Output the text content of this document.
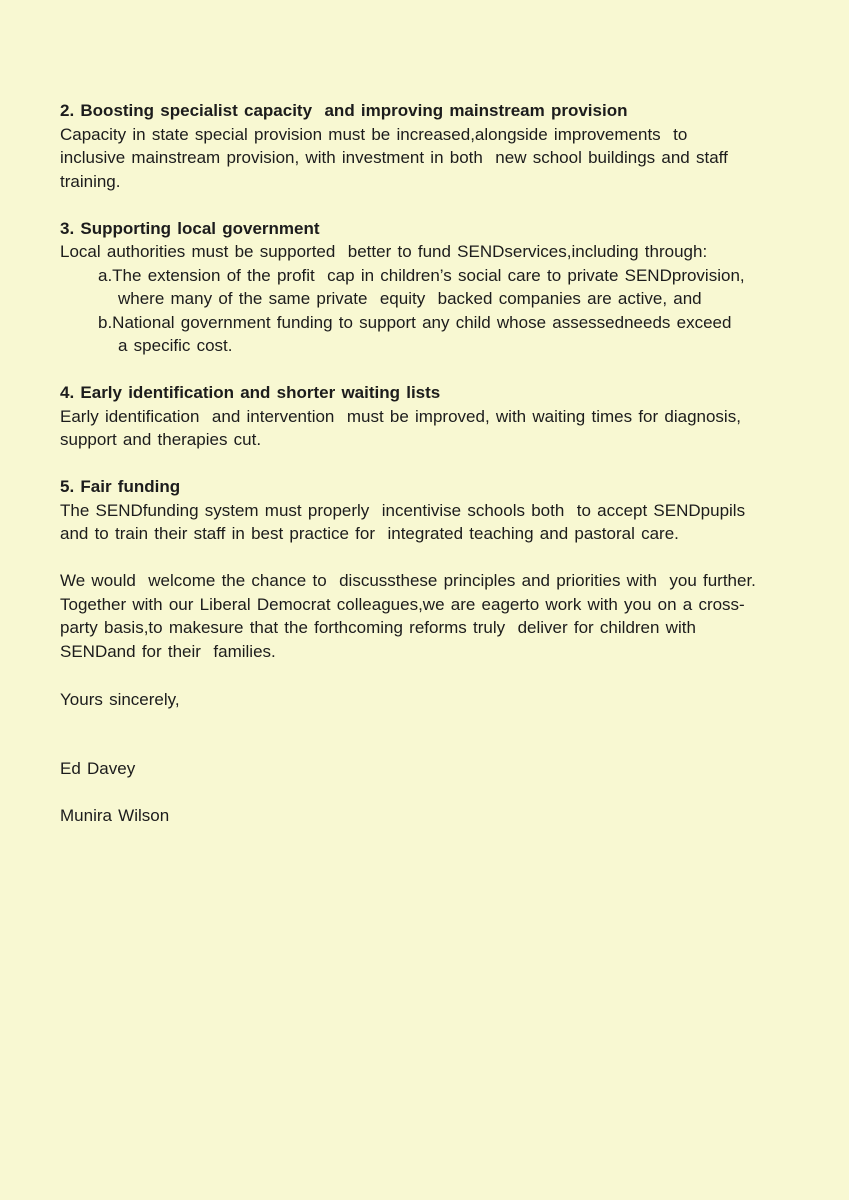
2. Boosting specialist capacity  and improving mainstream provision
Capacity in state special provision must be increased,alongside improvements  to
inclusive mainstream provision, with investment in both  new school buildings and staff
training.
3. Supporting local government
Local authorities must be supported  better to fund SENDservices,including through:
a.The extension of the profit  cap in children’s social care to private SENDprovision,
where many of the same private  equity  backed companies are active, and
b.National government funding to support any child whose assessedneeds exceed
a specific cost.
4. Early identification and shorter waiting lists
Early identification  and intervention  must be improved, with waiting times for diagnosis,
support and therapies cut.
5. Fair funding
The SENDfunding system must properly  incentivise schools both  to accept SENDpupils
and to train their staff in best practice for  integrated teaching and pastoral care.
We would  welcome the chance to  discussthese principles and priorities with  you further.
Together with our Liberal Democrat colleagues,we are eagerto work with you on a cross-
party basis,to makesure that the forthcoming reforms truly  deliver for children with
SENDand for their  families.
Yours sincerely,
Ed Davey
Munira Wilson
